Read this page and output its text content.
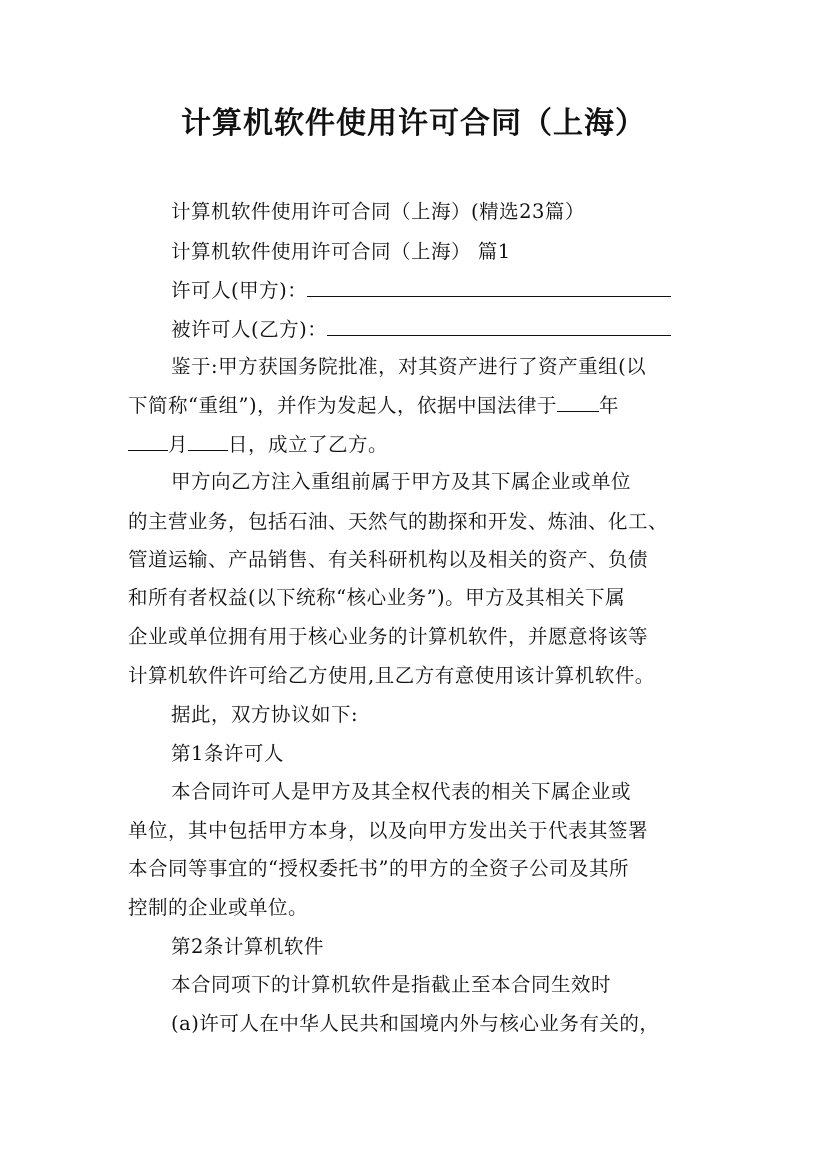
计算机软件使用许可合同（上海）
计算机软件使用许可合同（上海）(精选23篇）
计算机软件使用许可合同（上海） 篇1
许可人(甲方)：
被许可人(乙方)：
鉴于:甲方获国务院批准，对其资产进行了资产重组(以
下简称“重组”)，并作为发起人，依据中国法律于 年
月 日，成立了乙方。
甲方向乙方注入重组前属于甲方及其下属企业或单位
的主营业务，包括石油、天然气的勘探和开发、炼油、化工、
管道运输、产品销售、有关科研机构以及相关的资产、负债
和所有者权益(以下统称“核心业务”)。甲方及其相关下属
企业或单位拥有用于核心业务的计算机软件，并愿意将该等
计算机软件许可给乙方使用,且乙方有意使用该计算机软件。
据此，双方协议如下:
第1条许可人
本合同许可人是甲方及其全权代表的相关下属企业或
单位，其中包括甲方本身，以及向甲方发出关于代表其签署
本合同等事宜的“授权委托书”的甲方的全资子公司及其所
控制的企业或单位。
第2条计算机软件
本合同项下的计算机软件是指截止至本合同生效时
(a)许可人在中华人民共和国境内外与核心业务有关的，
